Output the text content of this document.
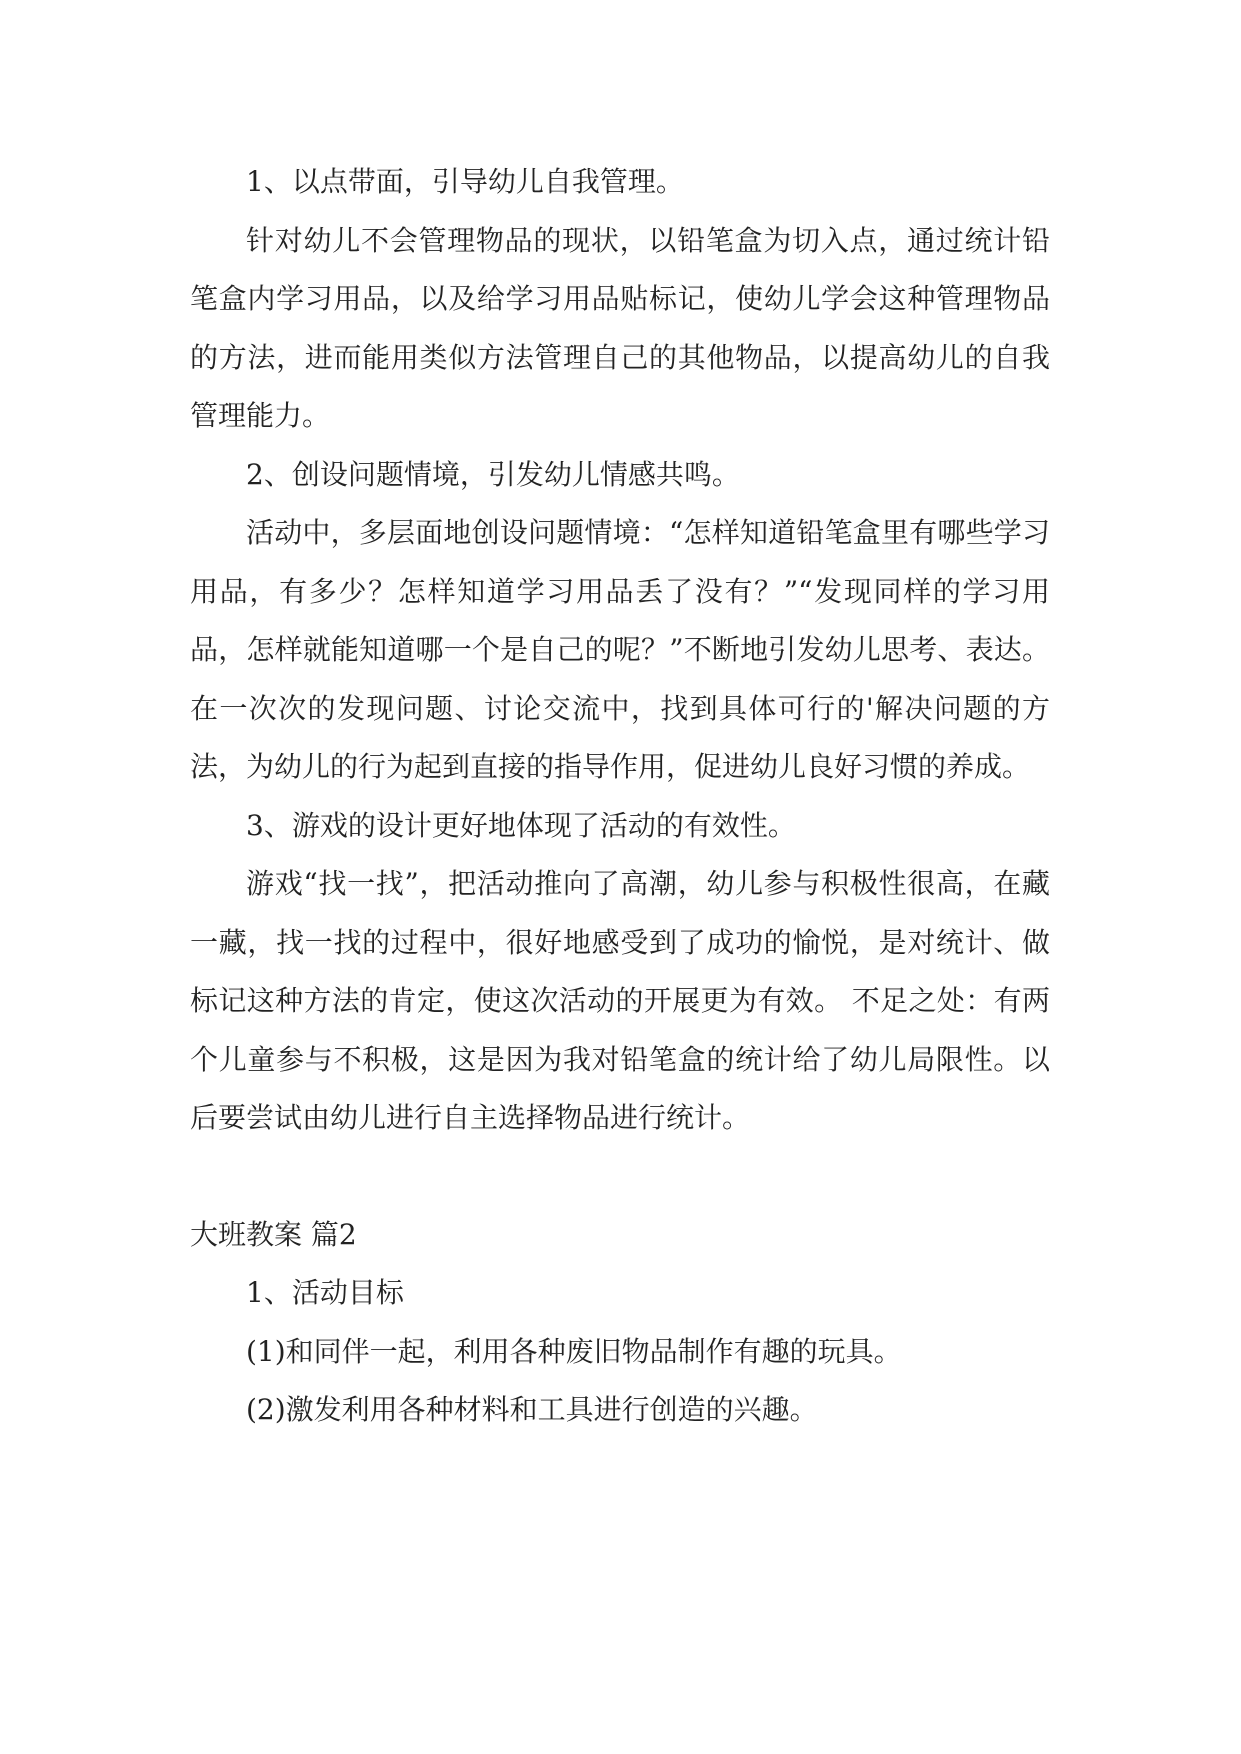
1、以点带面，引导幼儿自我管理。

针对幼儿不会管理物品的现状，以铅笔盒为切入点，通过统计铅笔盒内学习用品，以及给学习用品贴标记，使幼儿学会这种管理物品的方法，进而能用类似方法管理自己的其他物品，以提高幼儿的自我管理能力。

2、创设问题情境，引发幼儿情感共鸣。

活动中，多层面地创设问题情境：“怎样知道铅笔盒里有哪些学习用品，有多少？怎样知道学习用品丢了没有？”“发现同样的学习用品，怎样就能知道哪一个是自己的呢？”不断地引发幼儿思考、表达。在一次次的发现问题、讨论交流中，找到具体可行的'解决问题的方法，为幼儿的行为起到直接的指导作用，促进幼儿良好习惯的养成。

3、游戏的设计更好地体现了活动的有效性。

游戏“找一找”，把活动推向了高潮，幼儿参与积极性很高，在藏一藏，找一找的过程中，很好地感受到了成功的愉悦，是对统计、做标记这种方法的肯定，使这次活动的开展更为有效。 不足之处：有两个儿童参与不积极，这是因为我对铅笔盒的统计给了幼儿局限性。以后要尝试由幼儿进行自主选择物品进行统计。

大班教案 篇2

1、活动目标

(1)和同伴一起，利用各种废旧物品制作有趣的玩具。

(2)激发利用各种材料和工具进行创造的兴趣。
